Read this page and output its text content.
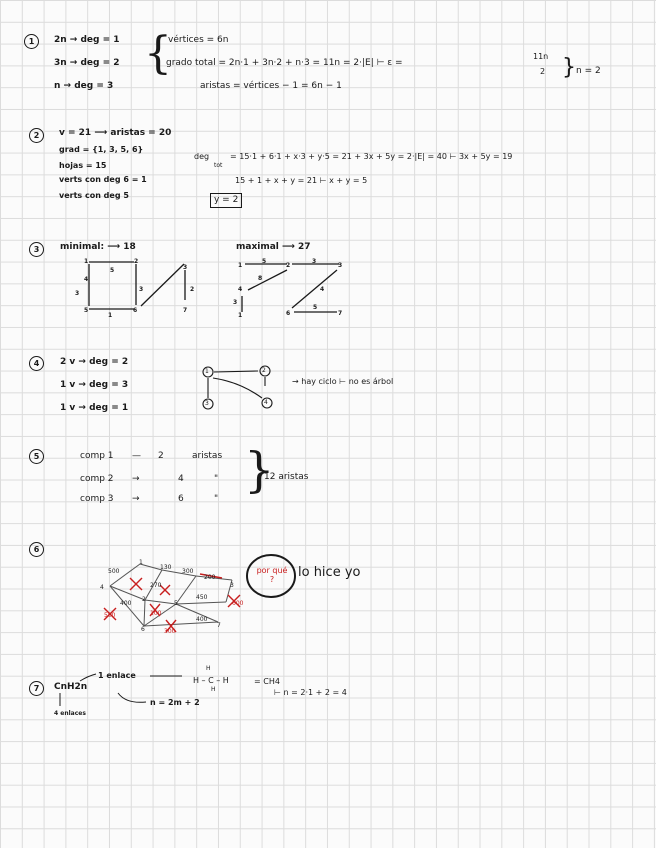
1
2
3
4
5
6
7
2n → deg = 1
3n → deg = 2
n → deg = 3
{
vértices = 6n
grado total = 2n·1 + 3n·2 + n·3 = 11n = 2·|E| ⊢ ε =
11n
2
aristas = vértices − 1 = 6n − 1
} n = 2
v = 21 ⟶ aristas = 20
grad = {1, 3, 5, 6}
hojas = 15
verts con deg 6 = 1
verts con deg 5
deg
tot
= 15·1 + 6·1 + x·3 + y·5 = 21 + 3x + 5y = 2·|E| = 40 ⊢ 3x + 5y = 19
15 + 1 + x + y = 21 ⊢ x + y = 5
y = 2
minimal: ⟶ 18	maximal ⟶ 27
1	2
4
3
5	6	7
5
3
1
3
2
1
5
2
3
3
8
4
3
1
4
5
6	7
2 v → deg = 2
1 v → deg = 3
1 v → deg = 1
1	2
3	4
→ hay ciclo ⊢ no es árbol
comp 1 — 2	aristas
comp 2 →	4	"
comp 3 →	6	"
}
12 aristas
500
1
130
200
3
4	270
400
500
2
5
450
6	300
400
600
7
100
300	por qué ?	lo hice yo
CnH2n
1 enlace
4 enlaces
n = 2m + 2
H
H – C – H
H
= CH4
⊢ n = 2·1 + 2 = 4
